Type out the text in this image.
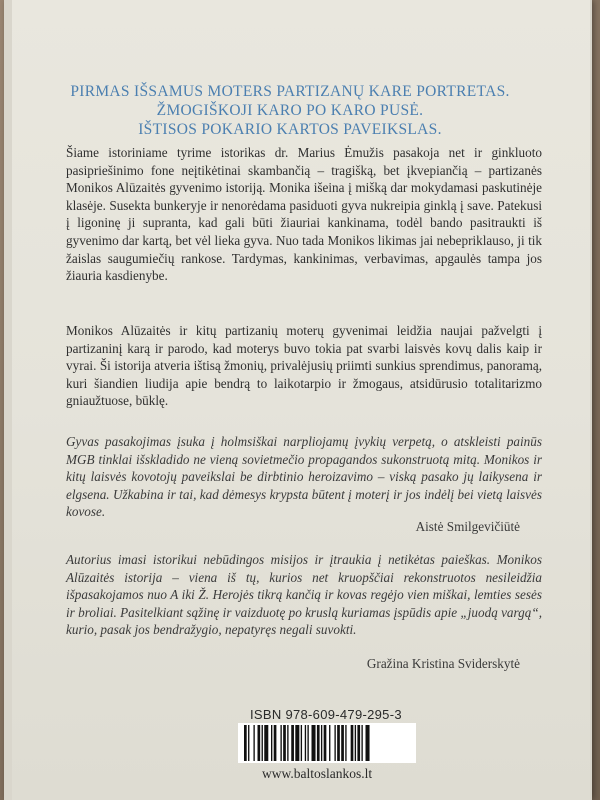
PIRMAS IŠSAMUS MOTERS PARTIZANŲ KARE PORTRETAS.
ŽMOGIŠKOJI KARO PO KARO PUSĖ.
IŠTISOS POKARIO KARTOS PAVEIKSLAS.

Šiame istoriniame tyrime istorikas dr. Marius Ėmužis pasakoja net ir ginkluoto pasipriešinimo fone neįtikėtinai skambančią – tragišką, bet įkvepiančią – partizanės Monikos Alūzaitės gyvenimo istoriją. Monika išeina į mišką dar mokydamasi paskutinėje klasėje. Susekta bunkeryje ir nenorėdama pasiduoti gyva nukreipia ginklą į save. Patekusi į ligoninę ji supranta, kad gali būti žiauriai kankinama, todėl bando pasitraukti iš gyvenimo dar kartą, bet vėl lieka gyva. Nuo tada Monikos likimas jai nebepriklauso, ji tik žaislas saugumiečių rankose. Tardymas, kankinimas, verbavimas, apgaulės tampa jos žiauria kasdienybe.

Monikos Alūzaitės ir kitų partizanių moterų gyvenimai leidžia naujai pažvelgti į partizaninį karą ir parodo, kad moterys buvo tokia pat svarbi laisvės kovų dalis kaip ir vyrai. Ši istorija atveria ištisą žmonių, privalėjusių priimti sunkius sprendimus, panoramą, kuri šiandien liudija apie bendrą to laikotarpio ir žmogaus, atsidūrusio totalitarizmo gniaužtuose, būklę.

Gyvas pasakojimas įsuka į holmsiškai narpliojamų įvykių verpetą, o atskleisti painūs MGB tinklai išskladido ne vieną sovietmečio propagandos sukonstruotą mitą. Monikos ir kitų laisvės kovotojų paveikslai be dirbtinio heroizavimo – viską pasako jų laikysena ir elgsena. Užkabina ir tai, kad dėmesys krypsta būtent į moterį ir jos indėlį bei vietą laisvės kovose.

Aistė Smilgevičiūtė

Autorius imasi istorikui nebūdingos misijos ir įtraukia į netikėtas paieškas. Monikos Alūzaitės istorija – viena iš tų, kurios net kruopščiai rekonstruotos nesileidžia išpasakojamos nuo A iki Ž. Herojės tikrą kančią ir kovas regėjo vien miškai, lemties sesės ir broliai. Pasitelkiant sąžinę ir vaizduotę po kruslą kuriamas įspūdis apie „juodą vargą“, kurio, pasak jos bendražygio, nepatyręs negali suvokti.

Gražina Kristina Sviderskytė
ISBN 978-609-479-295-3
www.baltoslankos.lt
